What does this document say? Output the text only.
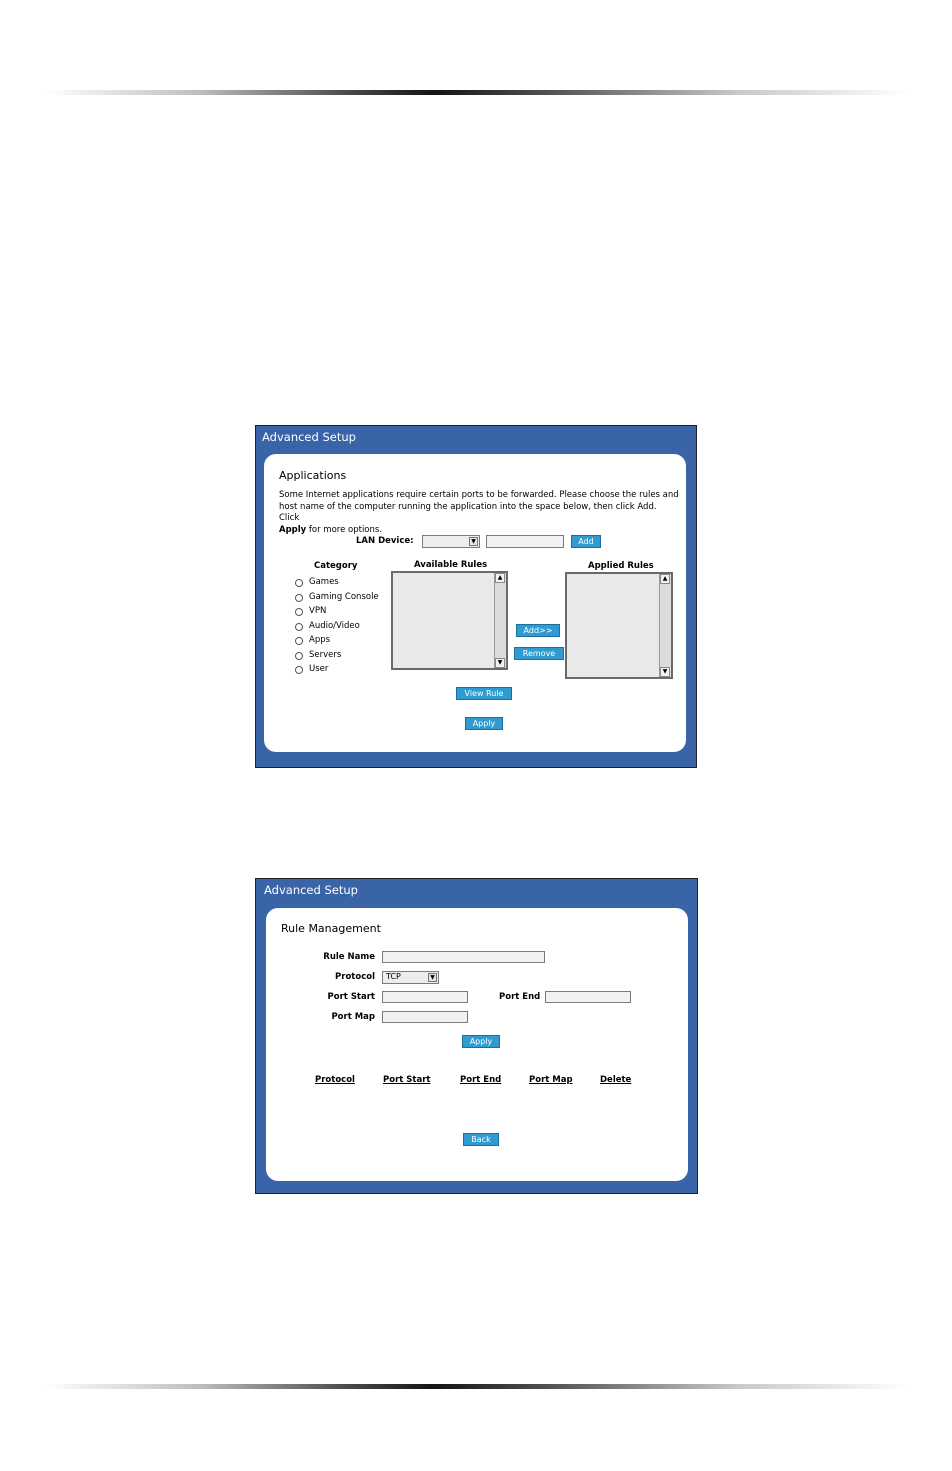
Advanced Setup
Applications
Some Internet applications require certain ports to be forwarded. Please choose the rules and
host name of the computer running the application into the space below, then click Add. Click
Apply for more options.
LAN Device:	▼	Add
Category
Games
Gaming Console
VPN
Audio/Video
Apps
Servers
User
Available Rules
▲
▼
Add>>
Remove
Applied Rules
▲
▼
View Rule
Apply
Advanced Setup
Rule Management
Rule Name
Protocol	TCP	▼
Port Start	Port End
Port Map
Apply
Protocol	Port Start	Port End	Port Map	Delete
Back
